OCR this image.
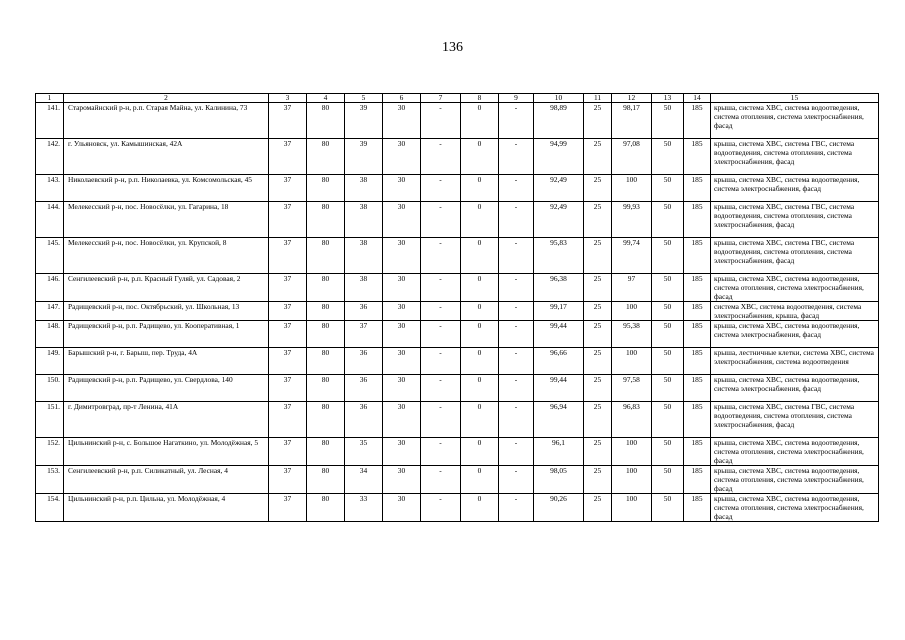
136
1	2	3	4	5	6	7	8	9	10	11	12	13	14	15
141.	Старомайнский р-н, р.п. Старая Майна, ул. Калинина, 73	37	80	39	30	-	0	-	98,89	25	98,17	50	185	крыша, система ХВС, система водоотведения, система отопления, система электроснабжения, фасад
142.	г. Ульяновск, ул. Камышинская, 42А	37	80	39	30	-	0	-	94,99	25	97,08	50	185	крыша, система ХВС, система ГВС, система водоотведения, система отопления, система электроснабжения, фасад
143.	Николаевский р-н, р.п. Николаевка, ул. Комсомольская, 45	37	80	38	30	-	0	-	92,49	25	100	50	185	крыша, система ХВС, система водоотведения, система электроснабжения, фасад
144.	Мелекесский р-н, пос. Новосёлки, ул. Гагарина, 18	37	80	38	30	-	0	-	92,49	25	99,93	50	185	крыша, система ХВС, система ГВС, система водоотведения, система отопления, система электроснабжения, фасад
145.	Мелекесский р-н, пос. Новосёлки, ул. Крупской, 8	37	80	38	30	-	0	-	95,83	25	99,74	50	185	крыша, система ХВС, система ГВС, система водоотведения, система отопления, система электроснабжения, фасад
146.	Сенгилеевский р-н, р.п. Красный Гуляй, ул. Садовая, 2	37	80	38	30	-	0	-	96,38	25	97	50	185	крыша, система ХВС, система водоотведения, система отопления, система электроснабжения, фасад
147.	Радищевский р-н, пос. Октябрьский, ул. Школьная, 13	37	80	36	30	-	0	-	99,17	25	100	50	185	система ХВС, система водоотведения, система электроснабжения, крыша, фасад
148.	Радищевский р-н, р.п. Радищево, ул. Кооперативная, 1	37	80	37	30	-	0	-	99,44	25	95,38	50	185	крыша, система ХВС, система водоотведения, система электроснабжения, фасад
149.	Барышский р-н, г. Барыш, пер. Труда, 4А	37	80	36	30	-	0	-	96,66	25	100	50	185	крыша, лестничные клетки, система ХВС, система электроснабжения, система водоотведения
150.	Радищевский р-н, р.п. Радищево, ул. Свердлова, 140	37	80	36	30	-	0	-	99,44	25	97,58	50	185	крыша, система ХВС, система водоотведения, система электроснабжения, фасад
151.	г. Димитровград, пр-т Ленина, 41А	37	80	36	30	-	0	-	96,94	25	96,83	50	185	крыша, система ХВС, система ГВС, система водоотведения, система отопления, система электроснабжения, фасад
152.	Цильнинский р-н, с. Большое Нагаткино, ул. Молодёжная, 5	37	80	35	30	-	0	-	96,1	25	100	50	185	крыша, система ХВС, система водоотведения, система отопления, система электроснабжения, фасад
153.	Сенгилеевский р-н, р.п. Силикатный, ул. Лесная, 4	37	80	34	30	-	0	-	98,05	25	100	50	185	крыша, система ХВС, система водоотведения, система отопления, система электроснабжения, фасад
154.	Цильнинский р-н, р.п. Цильна, ул. Молодёжная, 4	37	80	33	30	-	0	-	90,26	25	100	50	185	крыша, система ХВС, система водоотведения, система отопления, система электроснабжения, фасад
